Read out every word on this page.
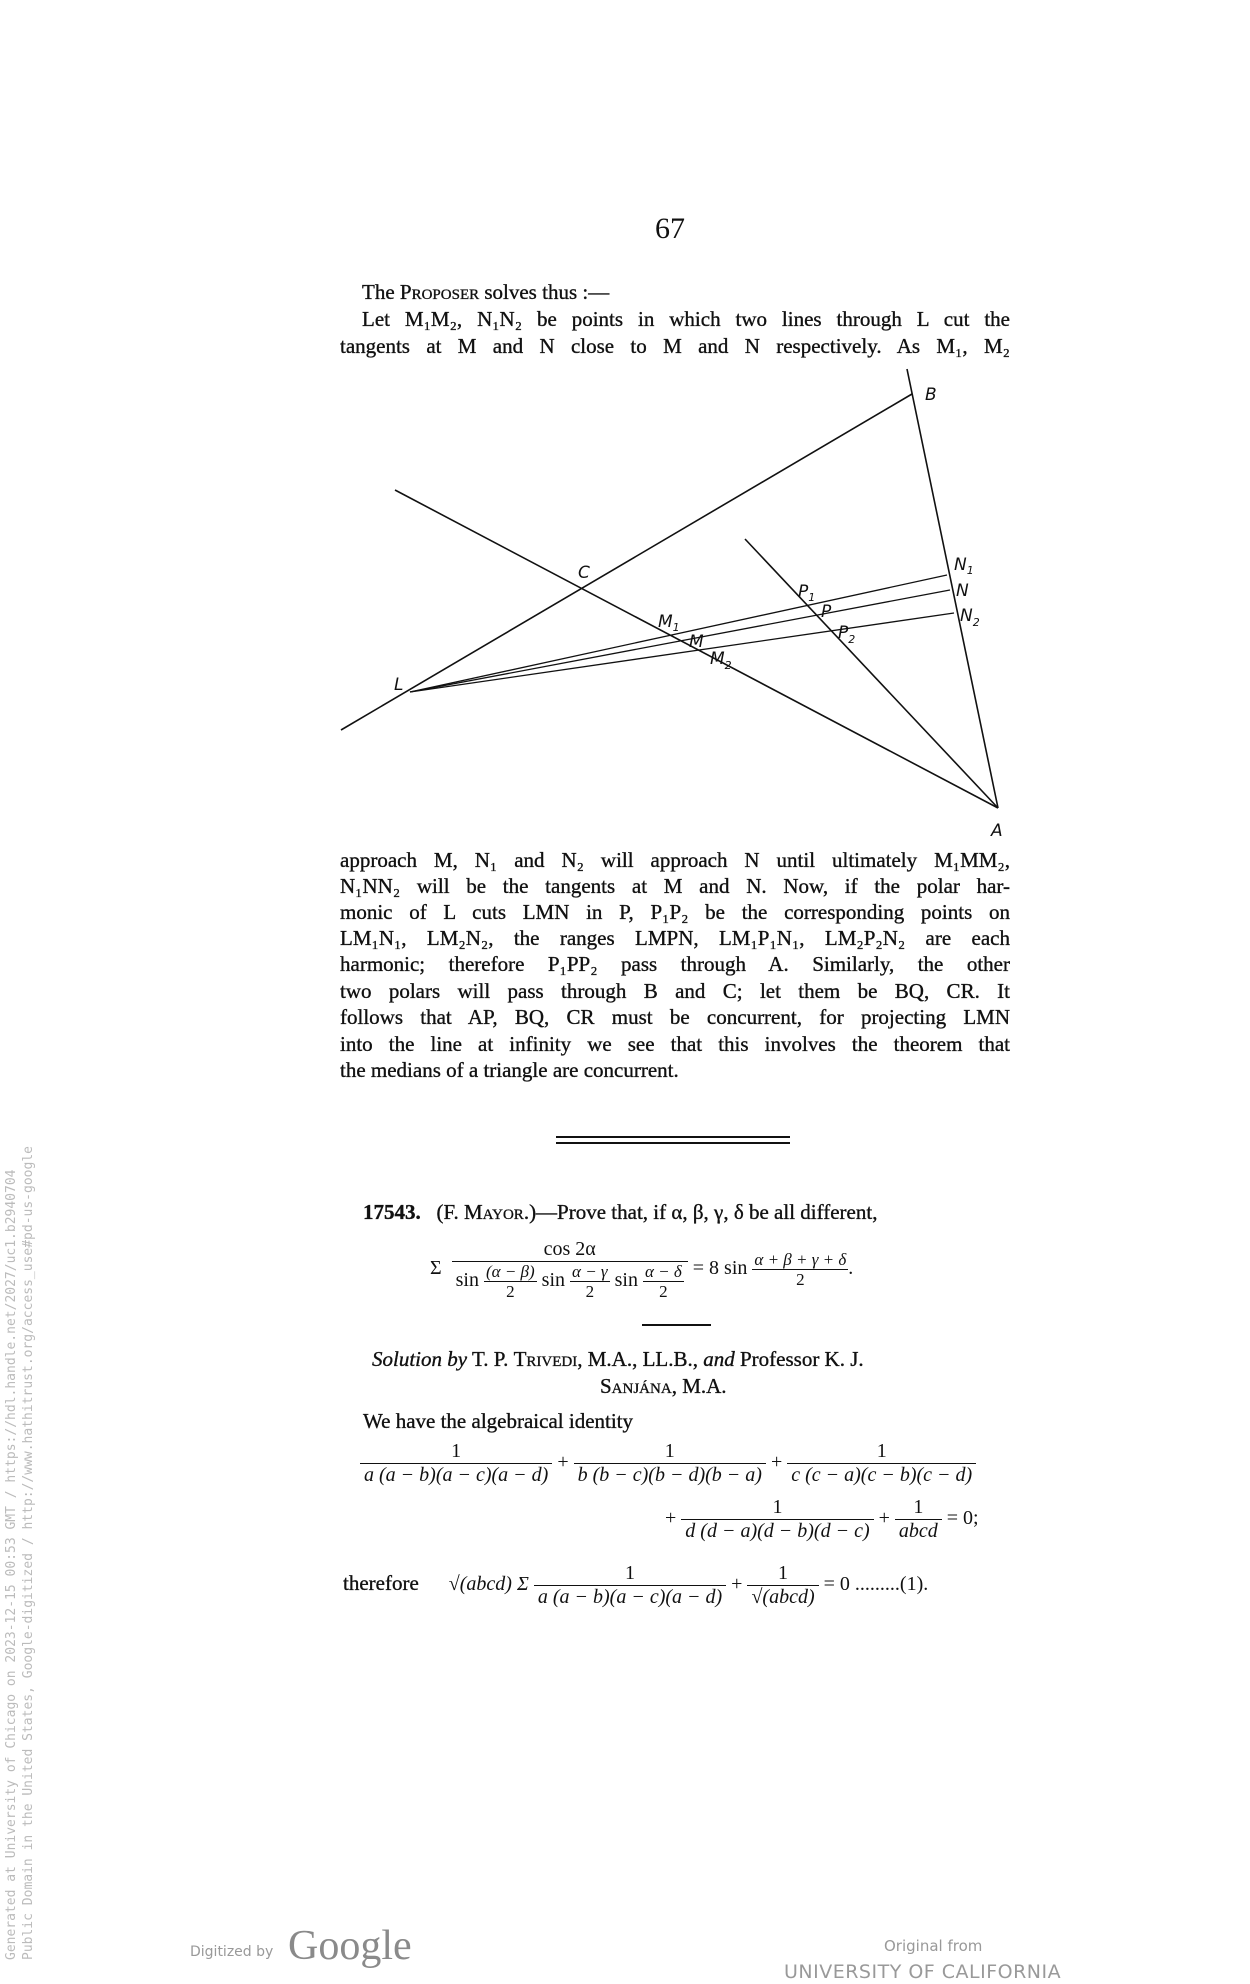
67
The Proposer solves thus :—
Let M₁M₂, N₁N₂ be points in which two lines through L cut the
tangents at M and N close to M and N respectively. As M₁, M₂
B
C
L
$M_1$
M
$M_2$
$P_1$
P
$P_2$
$N_1$
N
$N_2$
A
approach M, N₁ and N₂ will approach N until ultimately M₁MM₂,
N₁NN₂ will be the tangents at M and N. Now, if the polar har-
monic of L cuts LMN in P, P₁P₂ be the corresponding points on
LM₁N₁, LM₂N₂, the ranges LMPN, LM₁P₁N₁, LM₂P₂N₂ are each
harmonic; therefore P₁PP₂ pass through A. Similarly, the other
two polars will pass through B and C; let them be BQ, CR. It
follows that AP, BQ, CR must be concurrent, for projecting LMN
into the line at infinity we see that this involves the theorem that
the medians of a triangle are concurrent.
17543. (F. Mayor.)—Prove that, if α, β, γ, δ be all different,
Σ
cos 2α
$\sin \frac{(\alpha - \beta)}{2}$ $\sin \frac{\alpha - \gamma}{2}$ $\sin \frac{\alpha - \delta}{2} = 8$ $\sin \frac{\alpha + \beta + \gamma + \delta}{2}$ .
Solution by T. P. Trivedi, M.A., LL.B., and Professor K. J.
Sanjána, M.A.
We have the algebraical identity
$\frac{1}{a (a - b)(a - c)(a - d)} + \frac{1}{b (b - c)(b - d)(b - a)} + \frac{1}{c (c - a)(c - b)(c - d)}$
+ $\frac{1}{d (d - a)(d - b)(d - c)} + \frac{1}{\text{abcd}} = 0$;
therefore √(abcd) Σ $\frac{1}{a (a - b)(a - c)(a - d)} + \frac{1}{\text{√(abcd)}} = 0$ .........(1).
Generated at University of Chicago on 2023-12-15 00:53 GMT / https://hdl.handle.net/2027/uc1.b2940704 Public Domain in the United States, Google-digitized / http://www.hathitrust.org/access_use#pd-us-google	Digitized by Google	Original from
UNIVERSITY OF CALIFORNIA
